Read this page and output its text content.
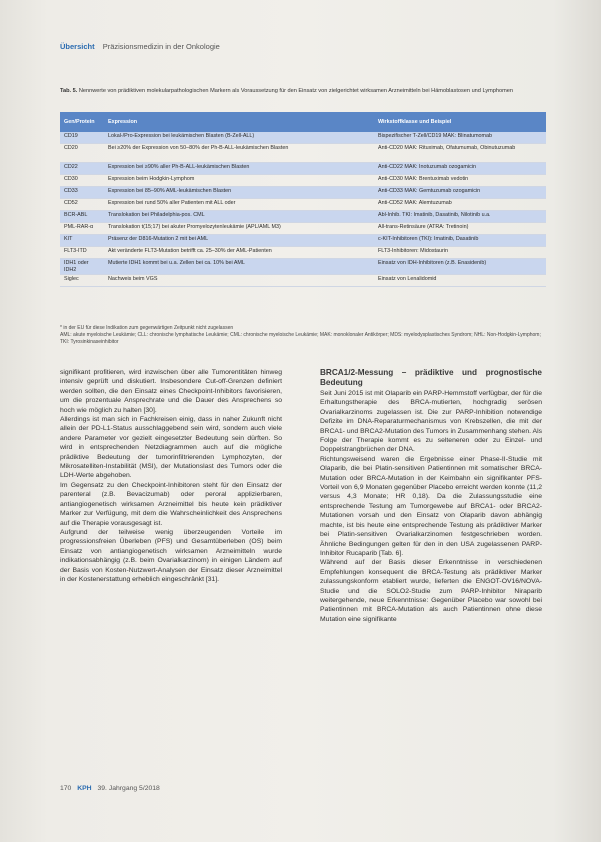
Übersicht Präzisionsmedizin in der Onkologie
Tab. 5. Nennwerte von prädiktiven molekularpathologischen Markern als Voraussetzung für den Einsatz von zielgerichtet wirksamen Arzneimitteln bei Hämoblastosen und Lymphomen
Gen/Protein	Expression	Wirkstoffklasse und Beispiel
CD19	Lokal-/Pro-Expression bei leukämischen Blasten (B-Zell-ALL)	Bispezifischer T-Zell/CD19 MAK: Blinatumomab
CD20	Bei ≥20% der Expression von 50–80% der Ph-B-ALL-leukämischen Blasten	Anti-CD20 MAK: Rituximab, Ofatumumab, Obinutuzumab
CD22	Expression bei ≥90% aller Ph-B-ALL-leukämischen Blasten	Anti-CD22 MAK: Inotuzumab ozogamicin
CD30	Expression beim Hodgkin-Lymphom	Anti-CD30 MAK: Brentuximab vedotin
CD33	Expression bei 85–90% AML-leukämischen Blasten	Anti-CD33 MAK: Gemtuzumab ozogamicin
CD52	Expression bei rund 50% aller Patienten mit ALL oder	Anti-CD52 MAK: Alemtuzumab
BCR-ABL	Translokation bei Philadelphia-pos. CML	Abl-Inhib. TKI: Imatinib, Dasatinib, Nilotinib u.a.
PML-RAR-α	Translokation t(15;17) bei akuter Promyelozytenleukämie (APL/AML M3)	All-trans-Retinsäure (ATRA: Tretinoin)
KIT	Präsenz der D816-Mutation 2 mit bei AML	c-KIT-Inhibitoren (TKI): Imatinib, Dasatinib
FLT3-ITD	Akt veränderte FLT3-Mutation betrifft ca. 25–30% der AML-Patienten	FLT3-Inhibitoren: Midostaurin
IDH1 oder IDH2	Mutierte IDH1 kommt bei u.a. Zellen bei ca. 10% bei AML	Einsatz von IDH-Inhibitoren (z.B. Enasidenib)
Siglec	Nachweis beim VGS	Einsatz von Lenalidomid
* in der EU für diese Indikation zum gegenwärtigen Zeitpunkt nicht zugelassen
AML: akute myeloische Leukämie; CLL: chronische lymphatische Leukämie; CML: chronische myeloische Leukämie; MAK: monoklonaler Antikörper; MDS: myelodysplastisches Syndrom; NHL: Non-Hodgkin-Lymphom; TKI: Tyrosinkinaseinhibitor

signifikant profitieren, wird inzwischen über alle Tumorentitäten hinweg intensiv geprüft und diskutiert. Insbesondere Cut-off-Grenzen definiert werden sollten, die den Einsatz eines Checkpoint-Inhibitors favorisieren, um die prozentuale Ansprechrate und die Dauer des Ansprechens so hoch wie möglich zu halten [30].

Allerdings ist man sich in Fachkreisen einig, dass in naher Zukunft nicht allein der PD-L1-Status ausschlaggebend sein wird, sondern auch viele andere Parameter vor gezielt eingesetzter Bedeutung sein dürften. So wird in entsprechenden Netzdiagrammen auch auf die mögliche prädiktive Bedeutung der tumorinfiltrierenden Lymphozyten, der Mikrosatelliten-Instabilität (MSI), der Mutationslast des Tumors oder die LDH-Werte abgehoben.

Im Gegensatz zu den Checkpoint-Inhibitoren steht für den Einsatz der parenteral (z.B. Bevacizumab) oder peroral applizierbaren, antiangiogenetisch wirksamen Arzneimittel bis heute kein prädiktiver Marker zur Verfügung, mit dem die Wahrscheinlichkeit des Ansprechens auf die Therapie vorausgesagt ist.

Aufgrund der teilweise wenig überzeugenden Vorteile im progressionsfreien Überleben (PFS) und Gesamtüberleben (OS) beim Einsatz von antiangiogenetisch wirksamen Arzneimitteln wurde indikationsabhängig (z.B. beim Ovarialkarzinom) in einigen Ländern auf der Basis von Kosten-Nutzwert-Analysen der Einsatz dieser Arzneimittel in der Kostenerstattung erheblich eingeschränkt [31].

BRCA1/2-Messung – prädiktive und prognostische Bedeutung

Seit Juni 2015 ist mit Olaparib ein PARP-Hemmstoff verfügbar, der für die Erhaltungstherapie des BRCA-mutierten, hochgradig serösen Ovarialkarzinoms zugelassen ist. Die zur PARP-Inhibition notwendige Defizite im DNA-Reparaturmechanismus von Krebszellen, die mit der BRCA1- und BRCA2-Mutation des Tumors in Zusammenhang stehen. Als Folge der Therapie kommt es zu selteneren oder zu Einzel- und Doppelstrangbrüchen der DNA.

Richtungsweisend waren die Ergebnisse einer Phase-II-Studie mit Olaparib, die bei Platin-sensitiven Patientinnen mit somatischer BRCA-Mutation oder BRCA-Mutation in der Keimbahn ein signifikanter PFS-Vorteil von 6,9 Monaten gegenüber Placebo erreicht werden konnte (11,2 versus 4,3 Monate; HR 0,18). Da die Zulassungsstudie eine entsprechende Testung am Tumorgewebe auf BRCA1- oder BRCA2-Mutationen vorsah und den Einsatz von Olaparib davon abhängig machte, ist bis heute eine entsprechende Testung als prädiktiver Marker bei Platin-sensitiven Ovarialkarzinomen festgeschrieben worden. Ähnliche Bedingungen gelten für den in den USA zugelassenen PARP-Inhibitor Rucaparib [Tab. 6].

Während auf der Basis dieser Erkenntnisse in verschiedenen Empfehlungen konsequent die BRCA-Testung als prädiktiver Marker zulassungskonform etabliert wurde, lieferten die ENGOT-OV16/NOVA-Studie und die SOLO2-Studie zum PARP-Inhibitor Niraparib weitergehende, neue Erkenntnisse: Gegenüber Placebo war sowohl bei Patientinnen mit BRCA-Mutation als auch Patientinnen ohne diese Mutation eine signifikante

170 KPH 39. Jahrgang 5/2018
